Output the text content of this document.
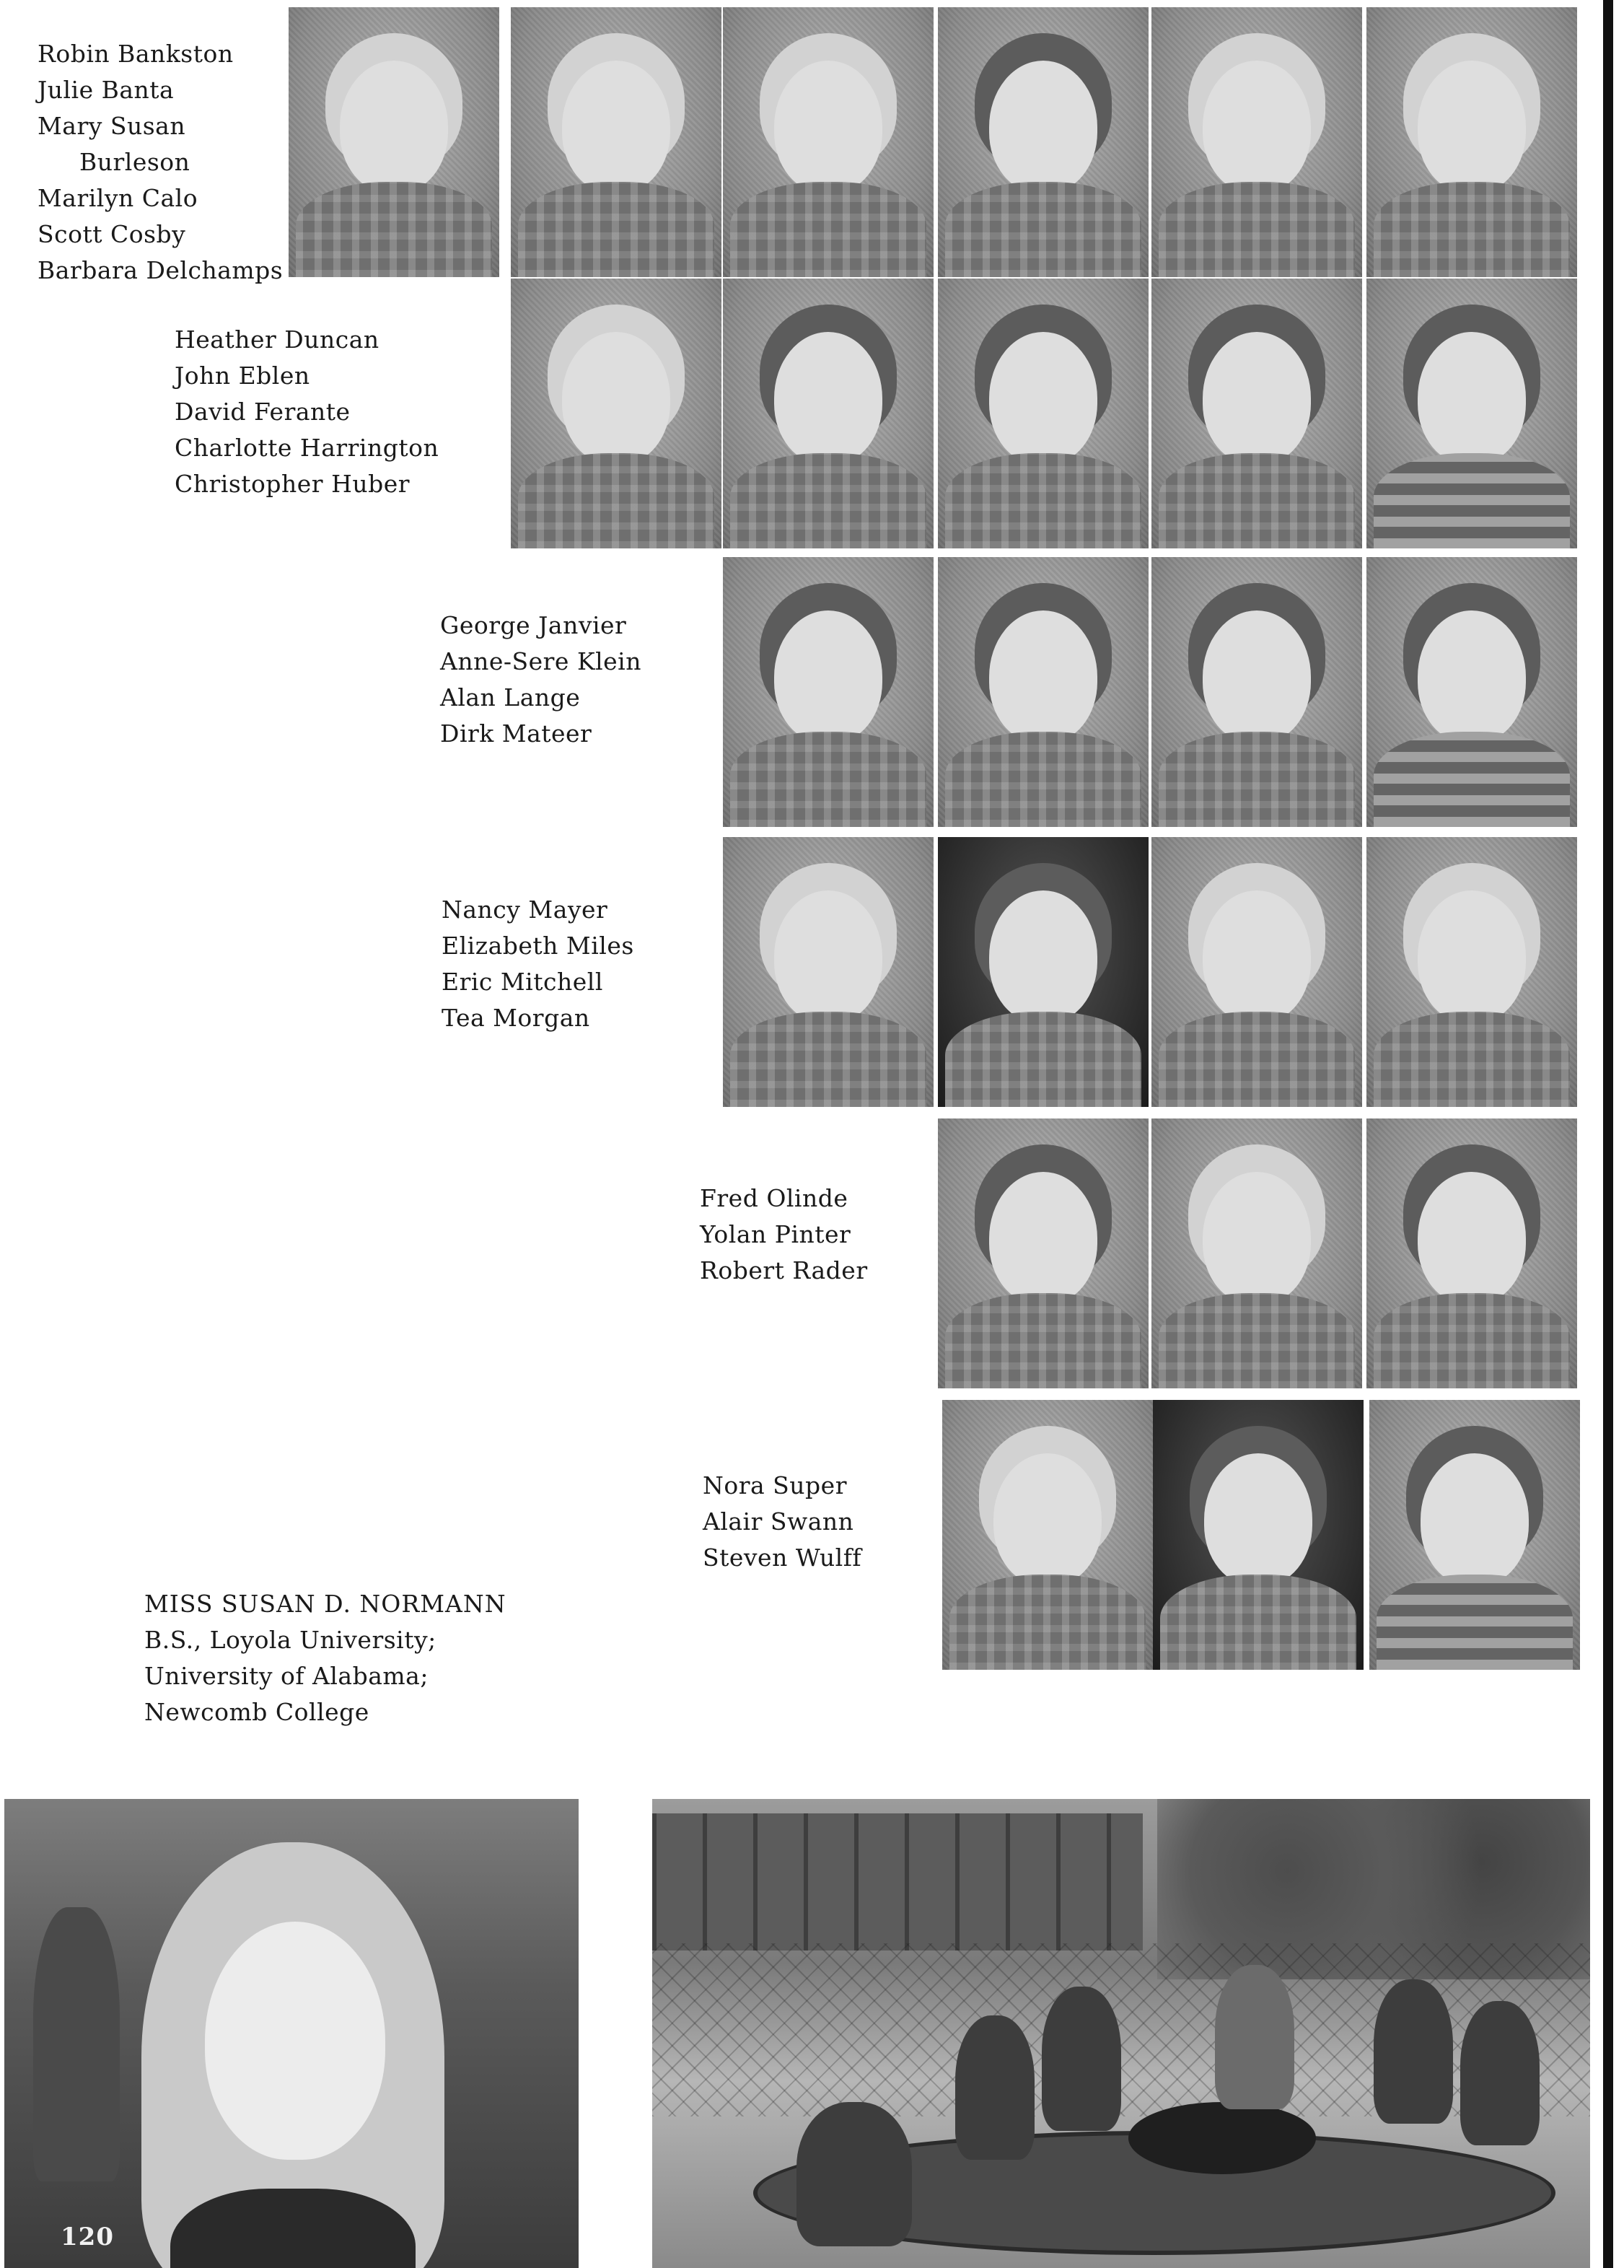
Robin Bankston
Julie Banta
Mary Susan
Burleson
Marilyn Calo
Scott Cosby
Barbara Delchamps
Heather Duncan
John Eblen
David Ferante
Charlotte Harrington
Christopher Huber
George Janvier
Anne-Sere Klein
Alan Lange
Dirk Mateer
Nancy Mayer
Elizabeth Miles
Eric Mitchell
Tea Morgan
Fred Olinde
Yolan Pinter
Robert Rader
Nora Super
Alair Swann
Steven Wulff
MISS SUSAN D. NORMANN
B.S., Loyola University;
University of Alabama;
Newcomb College
120
